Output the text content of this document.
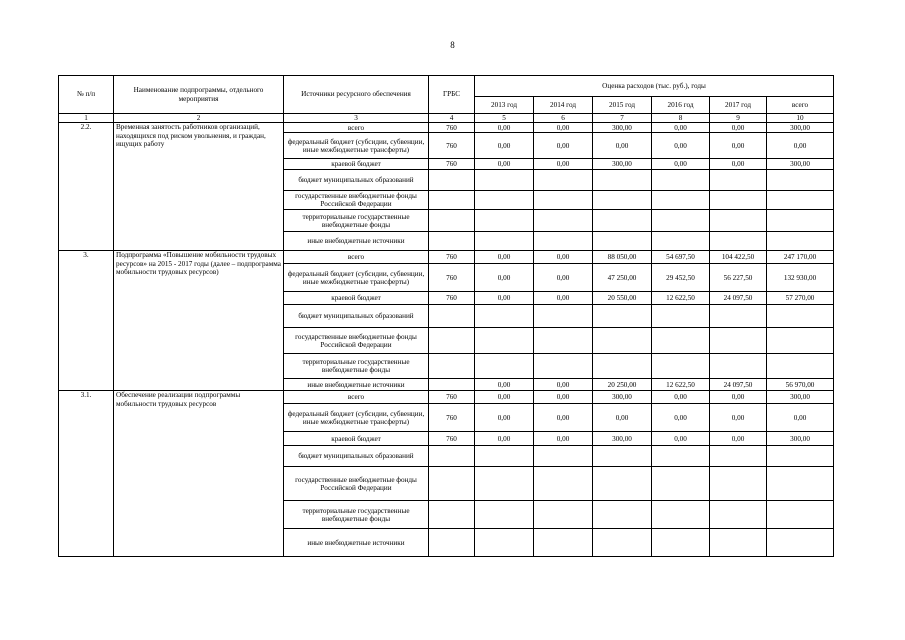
8
№ п/п	Наименование подпрограммы, отдельного мероприятия	Источники ресурсного обеспечения	ГРБС	Оценка расходов (тыс. руб.), годы					
				2013 год	2014 год	2015 год	2016 год	2017 год	всего
1	2	3	4	5	6	7	8	9	10
2.2.	Временная занятость работников организаций, находящихся под риском увольнения, и граждан, ищущих работу	всего	760	0,00	0,00	300,00	0,00	0,00	300,00
		федеральный бюджет (субсидии, субвенции, иные межбюджетные трансферты)	760	0,00	0,00	0,00	0,00	0,00	0,00
		краевой бюджет	760	0,00	0,00	300,00	0,00	0,00	300,00
		бюджет муниципальных образований							
		государственные внебюджетные фонды Российской Федерации							
		территориальные государственные внебюджетные фонды							
		иные внебюджетные источники							
3.	Подпрограмма «Повышение мобильности трудовых ресурсов» на 2015 - 2017 годы (далее – подпрограмма мобильности трудовых ресурсов)	всего	760	0,00	0,00	88 050,00	54 697,50	104 422,50	247 170,00
		федеральный бюджет (субсидии, субвенции, иные межбюджетные трансферты)	760	0,00	0,00	47 250,00	29 452,50	56 227,50	132 930,00
		краевой бюджет	760	0,00	0,00	20 550,00	12 622,50	24 097,50	57 270,00
		бюджет муниципальных образований							
		государственные внебюджетные фонды Российской Федерации							
		территориальные государственные внебюджетные фонды							
		иные внебюджетные источники		0,00	0,00	20 250,00	12 622,50	24 097,50	56 970,00
3.1.	Обеспечение реализации подпрограммы мобильности трудовых ресурсов	всего	760	0,00	0,00	300,00	0,00	0,00	300,00
		федеральный бюджет (субсидии, субвенции, иные межбюджетные трансферты)	760	0,00	0,00	0,00	0,00	0,00	0,00
		краевой бюджет	760	0,00	0,00	300,00	0,00	0,00	300,00
		бюджет муниципальных образований							
		государственные внебюджетные фонды Российской Федерации							
		территориальные государственные внебюджетные фонды							
		иные внебюджетные источники							
